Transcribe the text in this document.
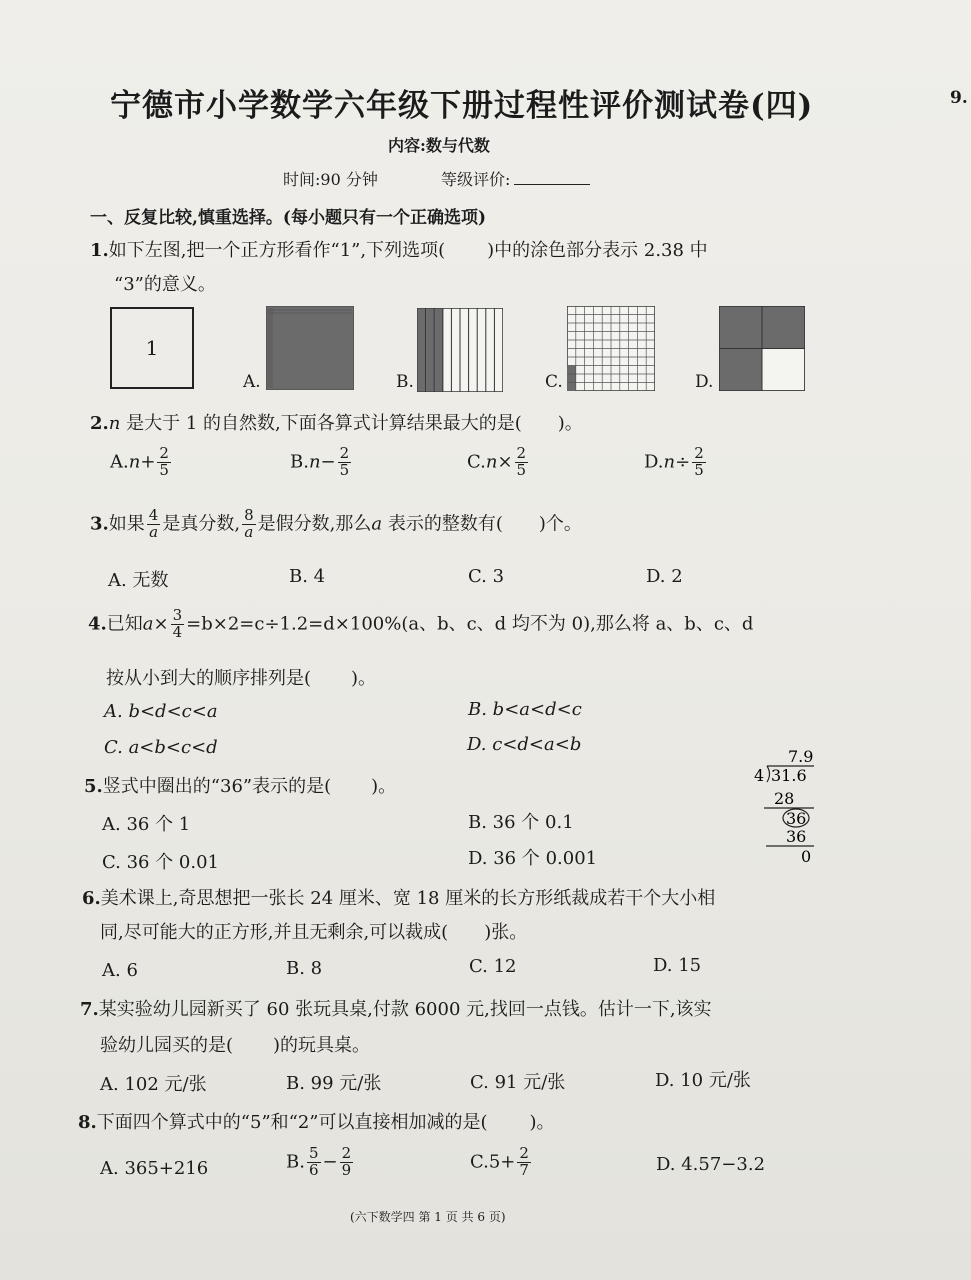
宁德市小学数学六年级下册过程性评价测试卷(四)	9.
内容:数与代数
时间:90 分钟	等级评价:
一、反复比较,慎重选择。(每小题只有一个正确选项)
1.如下左图,把一个正方形看作“1”,下列选项( )中的涂色部分表示 2.38 中
“3”的意义。
1
A.	B.	C.	D.
2.n 是大于 1 的自然数,下面各算式计算结果最大的是( )。
$A.n+ \frac{2}{5}$	$B.n- \frac{2}{5}$	$C.n\times \frac{2}{5}$	$D.n\div \frac{2}{5}$
3.如果 $\frac{4}{a}$ 是真分数, $\frac{8}{a}$ 是假分数,那么a 表示的整数有( )个。
A. 无数	B. 4	C. 3	D. 2
4.已知$a\times \frac{3}{4} =b\times 2=c\div 1.2=d\times 100\%(a$、b、c、d 均不为 0),那么将 a、b、c、d
按从小到大的顺序排列是( )。
A. b<d<c<a	B. b<a<d<c
C. a<b<c<d	D. c<d<a<b
5.竖式中圈出的“36”表示的是( )。
A. 36 个 1	B. 36 个 0.1
C. 36 个 0.01	D. 36 个 0.001
7.9
4 31.6
28
36
36
0
6.美术课上,奇思想把一张长 24 厘米、宽 18 厘米的长方形纸裁成若干个大小相
同,尽可能大的正方形,并且无剩余,可以裁成( )张。
A. 6	B. 8	C. 12	D. 15
7.某实验幼儿园新买了 60 张玩具桌,付款 6000 元,找回一点钱。估计一下,该实
验幼儿园买的是( )的玩具桌。
A. 102 元/张	B. 99 元/张	C. 91 元/张	D. 10 元/张
8.下面四个算式中的“5”和“2”可以直接相加减的是( )。
A. 365+216	B. $\frac{5}{6} - \frac{2}{9}$	$C.5+ \frac{2}{7}$	D. 4.57−3.2
(六下数学四 第 1 页 共 6 页)
